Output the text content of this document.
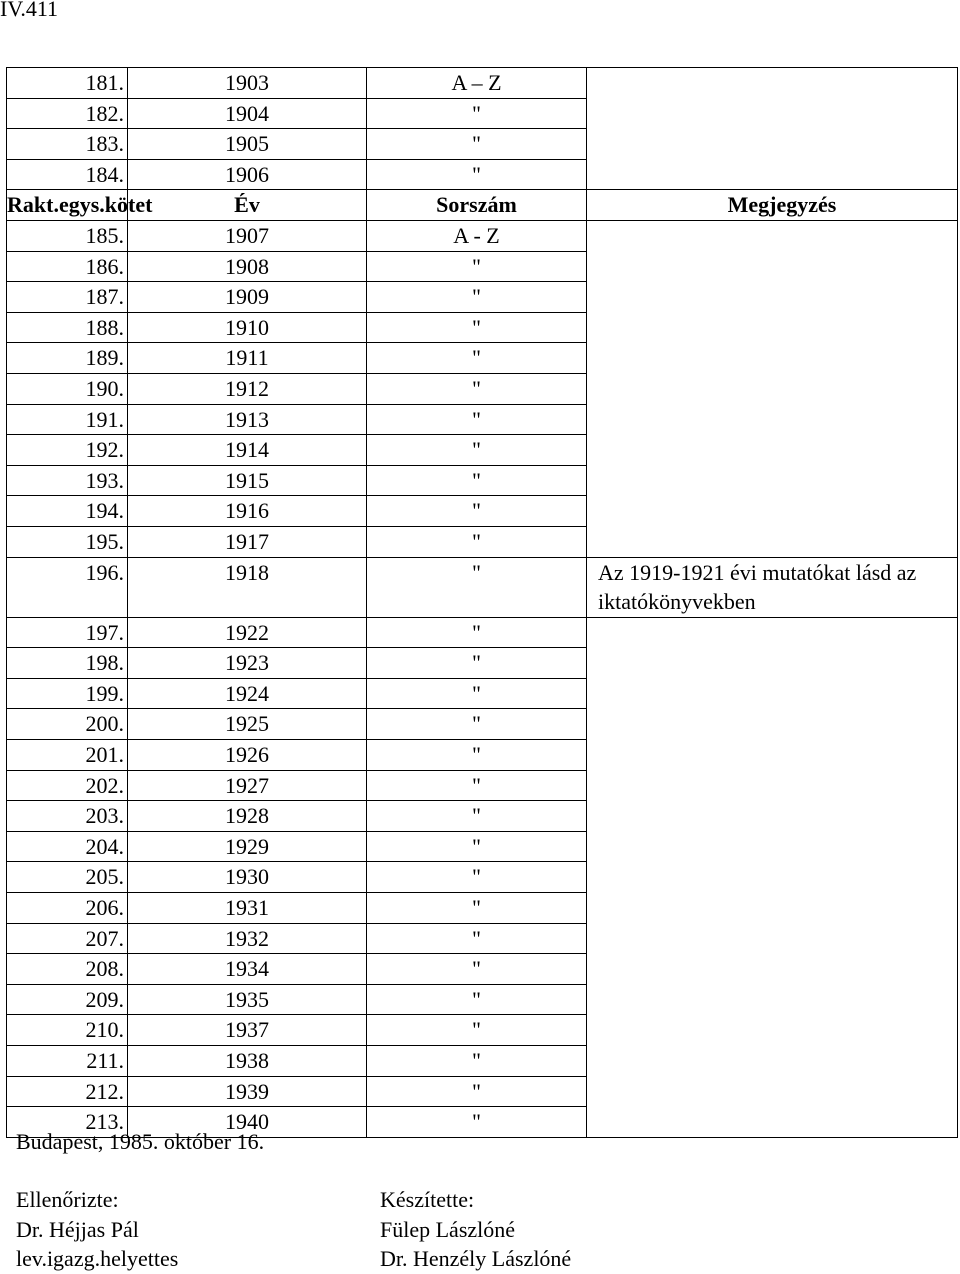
IV.411
181.	1903	A – Z	
182.	1904	"	
183.	1905	"	
184.	1906	"	
Rakt.egys.kötet	Év	Sorszám	Megjegyzés
185.	1907	A - Z	
186.	1908	"	
187.	1909	"	
188.	1910	"	
189.	1911	"	
190.	1912	"	
191.	1913	"	
192.	1914	"	
193.	1915	"	
194.	1916	"	
195.	1917	"	
196.	1918	"	Az 1919-1921 évi mutatókat lásd az iktatókönyvekben
197.	1922	"	
198.	1923	"	
199.	1924	"	
200.	1925	"	
201.	1926	"	
202.	1927	"	
203.	1928	"	
204.	1929	"	
205.	1930	"	
206.	1931	"	
207.	1932	"	
208.	1934	"	
209.	1935	"	
210.	1937	"	
211.	1938	"	
212.	1939	"	
213.	1940	"	
Budapest, 1985. október 16.
Ellenőrizte:
Dr. Héjjas Pál
lev.igazg.helyettes
Készítette:
Fülep Lászlóné
Dr. Henzély Lászlóné
